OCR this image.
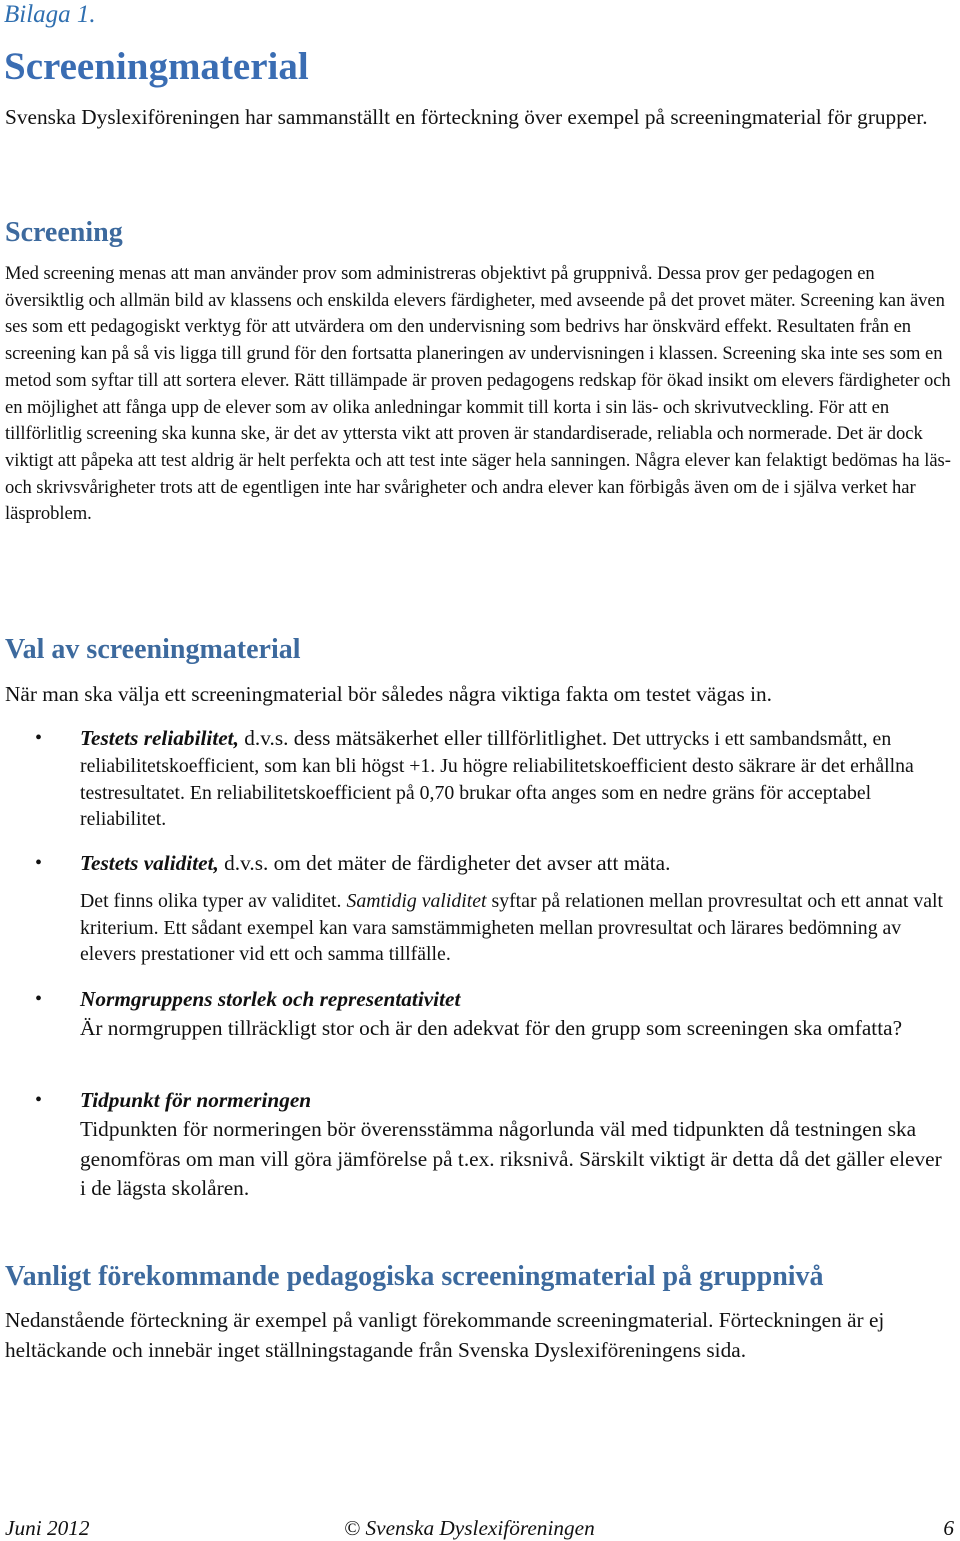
Bilaga 1.

Screeningmaterial

Svenska Dyslexiföreningen har sammanställt en förteckning över exempel på screeningmaterial för grupper.

Screening

Med screening menas att man använder prov som administreras objektivt på gruppnivå. Dessa prov ger pedagogen en översiktlig och allmän bild av klassens och enskilda elevers färdigheter, med avseende på det provet mäter. Screening kan även ses som ett pedagogiskt verktyg för att utvärdera om den undervisning som bedrivs har önskvärd effekt. Resultaten från en screening kan på så vis ligga till grund för den fortsatta planeringen av undervisningen i klassen. Screening ska inte ses som en metod som syftar till att sortera elever. Rätt tillämpade är proven pedagogens redskap för ökad insikt om elevers färdigheter och en möjlighet att fånga upp de elever som av olika anledningar kommit till korta i sin läs- och skrivutveckling. För att en tillförlitlig screening ska kunna ske, är det av yttersta vikt att proven är standardiserade, reliabla och normerade. Det är dock viktigt att påpeka att test aldrig är helt perfekta och att test inte säger hela sanningen. Några elever kan felaktigt bedömas ha läs- och skrivsvårigheter trots att de egentligen inte har svårigheter och andra elever kan förbigås även om de i själva verket har läsproblem.

Val av screeningmaterial

När man ska välja ett screeningmaterial bör således några viktiga fakta om testet vägas in.

• Testets reliabilitet, d.v.s. dess mätsäkerhet eller tillförlitlighet. Det uttrycks i ett sambandsmått, en reliabilitetskoefficient, som kan bli högst +1. Ju högre reliabilitetskoefficient desto säkrare är det erhållna testresultatet. En reliabilitetskoefficient på 0,70 brukar ofta anges som en nedre gräns för acceptabel reliabilitet.

• Testets validitet, d.v.s. om det mäter de färdigheter det avser att mäta.

Det finns olika typer av validitet. Samtidig validitet syftar på relationen mellan provresultat och ett annat valt kriterium. Ett sådant exempel kan vara samstämmigheten mellan provresultat och lärares bedömning av elevers prestationer vid ett och samma tillfälle.

• Normgruppens storlek och representativitet
Är normgruppen tillräckligt stor och är den adekvat för den grupp som screeningen ska omfatta?
• Tidpunkt för normeringen
Tidpunkten för normeringen bör överensstämma någorlunda väl med tidpunkten då testningen ska genomföras om man vill göra jämförelse på t.ex. riksnivå. Särskilt viktigt är detta då det gäller elever i de lägsta skolåren.
Vanligt förekommande pedagogiska screeningmaterial på gruppnivå

Nedanstående förteckning är exempel på vanligt förekommande screeningmaterial. Förteckningen är ej heltäckande och innebär inget ställningstagande från Svenska Dyslexiföreningens sida.

Juni 2012	© Svenska Dyslexiföreningen	6
